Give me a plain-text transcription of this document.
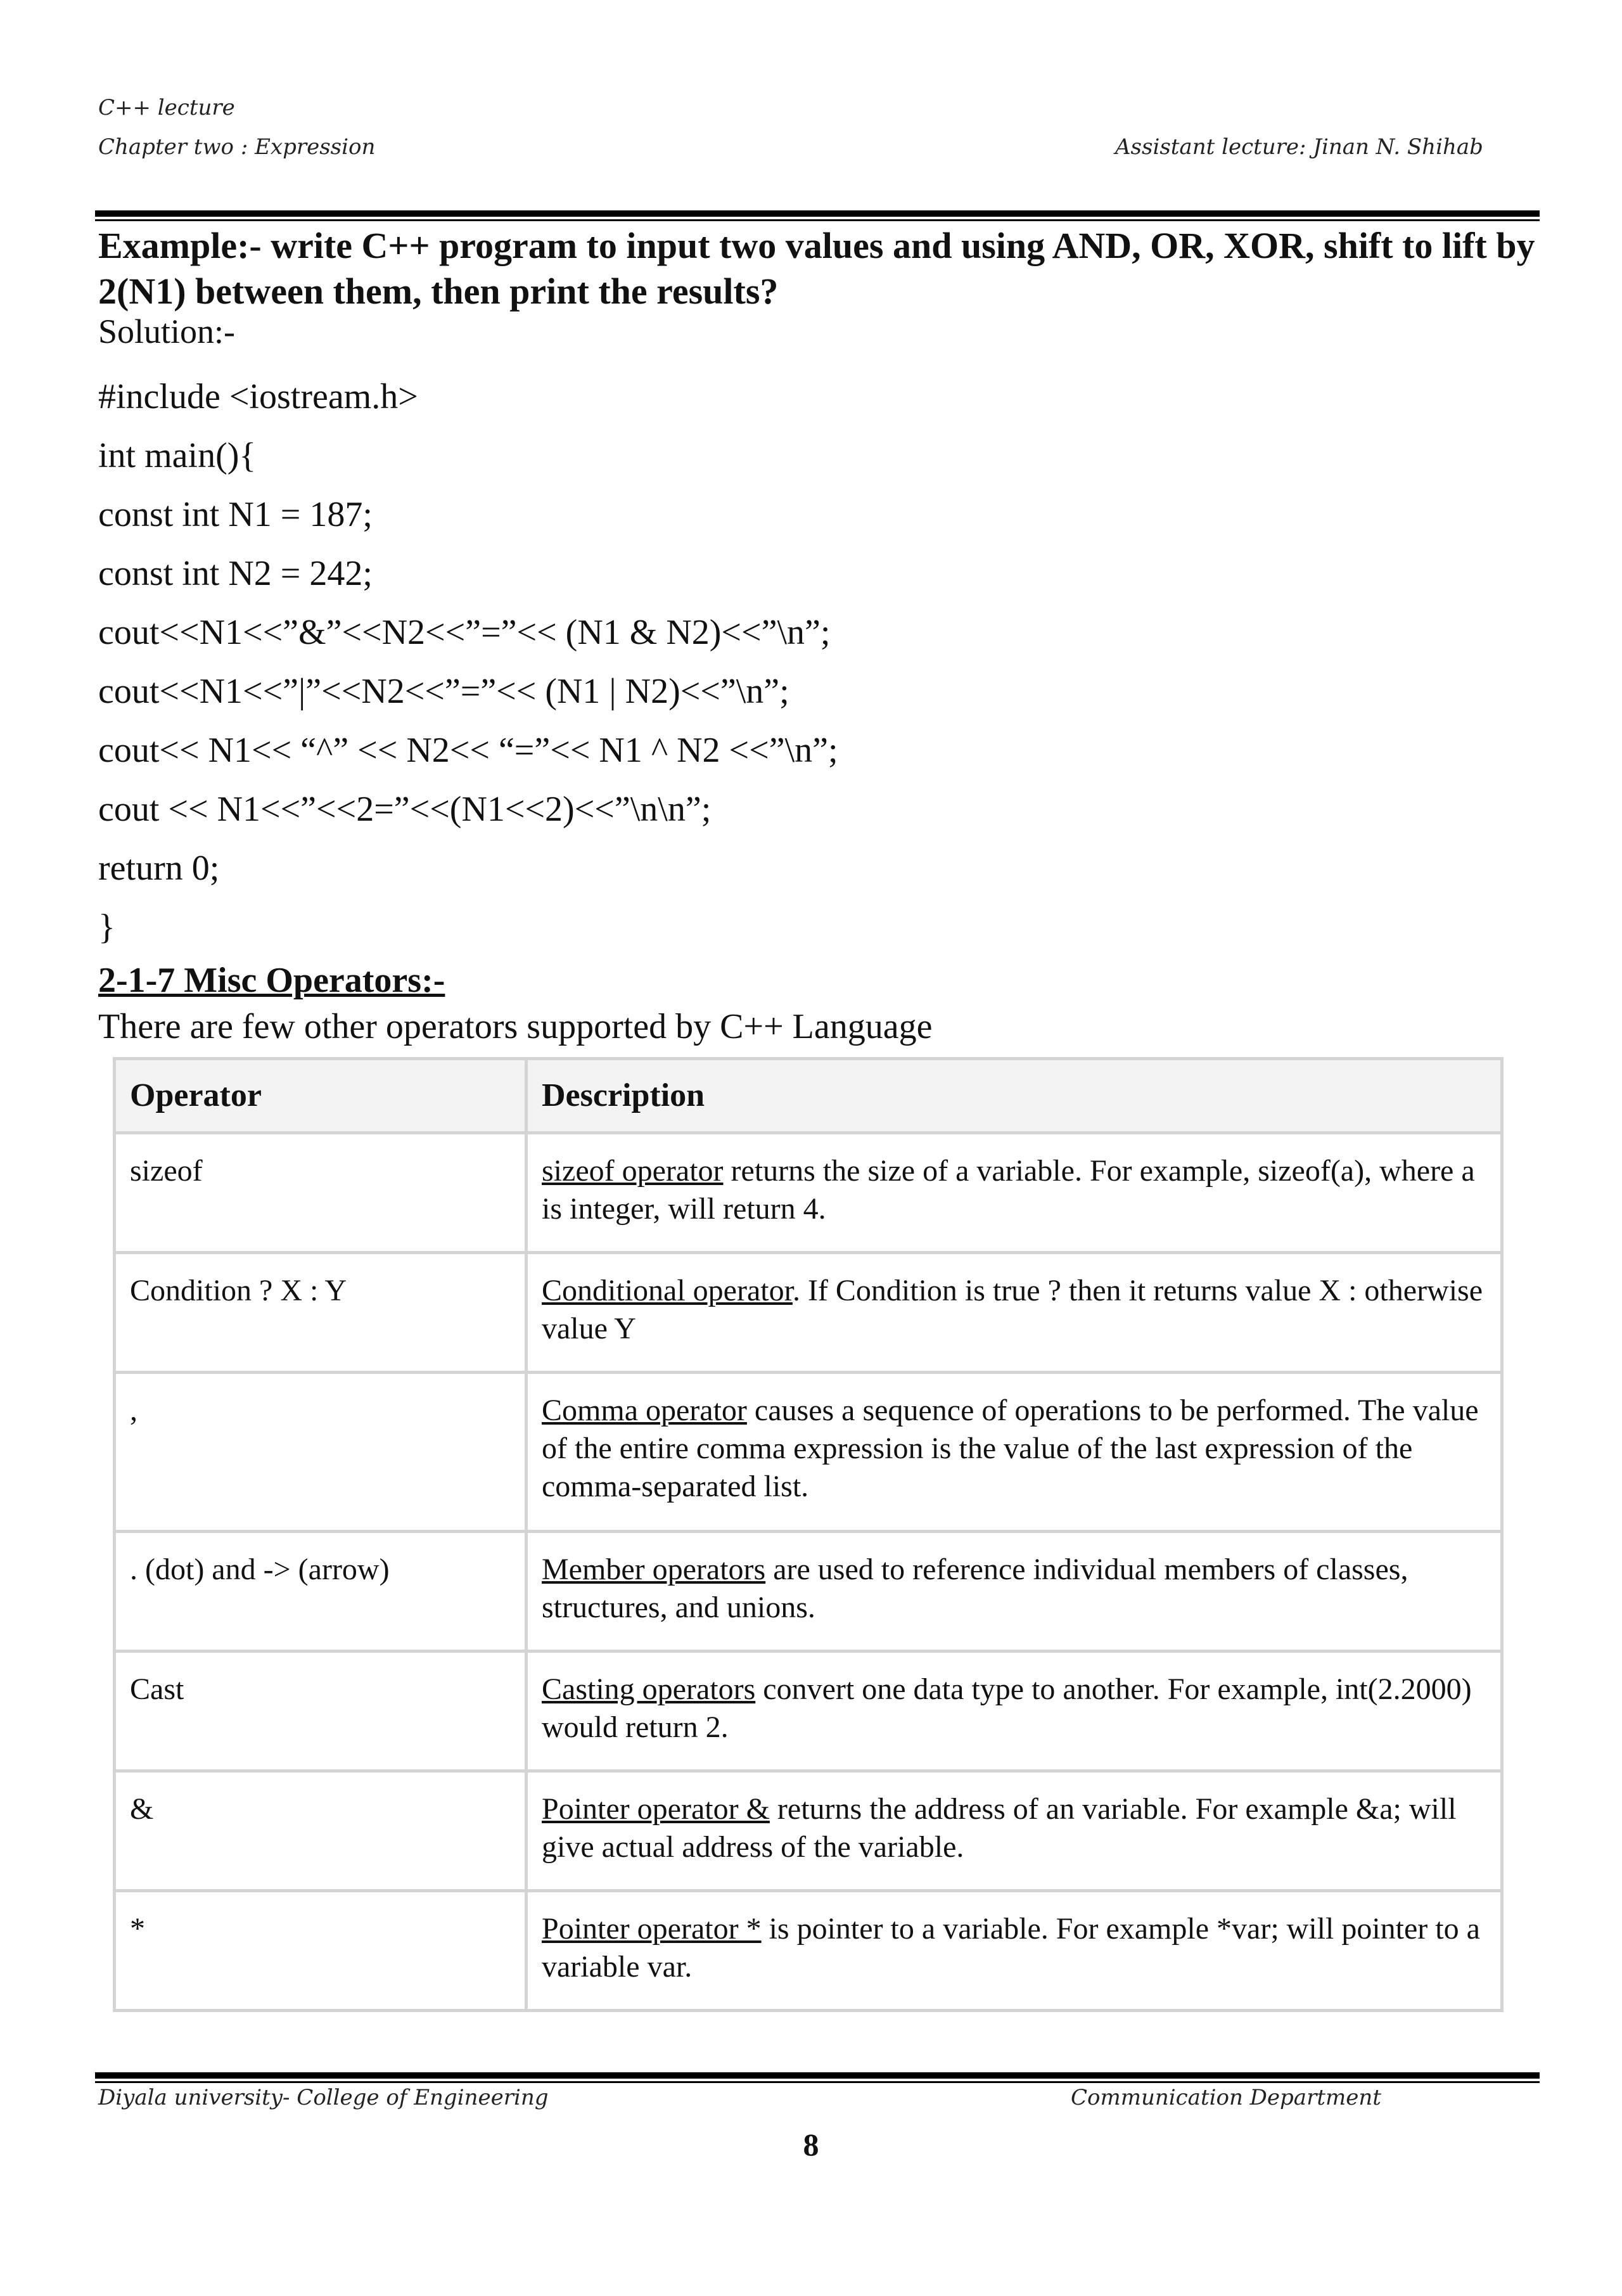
C++ lecture
Chapter two : Expression	Assistant lecture: Jinan N. Shihab

Example:- write C++ program to input two values and using AND, OR, XOR, shift to lift by 2(N1) between them, then print the results?

Solution:-
#include <iostream.h>
int main(){
const int N1 = 187;
const int N2 = 242;
cout<<N1<<”&”<<N2<<”=”<< (N1 & N2)<<”\n”;
cout<<N1<<”|”<<N2<<”=”<< (N1 | N2)<<”\n”;
cout<< N1<< “^” << N2<< “=”<< N1 ^ N2 <<”\n”;
cout << N1<<”<<2=”<<(N1<<2)<<”\n\n”;
return 0;
}
2-1-7 Misc Operators:-
There are few other operators supported by C++ Language
Operator	Description
sizeof	sizeof operator returns the size of a variable. For example, sizeof(a), where a is integer, will return 4.
Condition ? X : Y	Conditional operator. If Condition is true ? then it returns value X : otherwise value Y
,	Comma operator causes a sequence of operations to be performed. The value of the entire comma expression is the value of the last expression of the comma-separated list.
. (dot) and -> (arrow)	Member operators are used to reference individual members of classes, structures, and unions.
Cast	Casting operators convert one data type to another. For example, int(2.2000) would return 2.
&	Pointer operator & returns the address of an variable. For example &a; will give actual address of the variable.
*	Pointer operator * is pointer to a variable. For example *var; will pointer to a variable var.
Diyala university- College of Engineering	Communication Department
8
